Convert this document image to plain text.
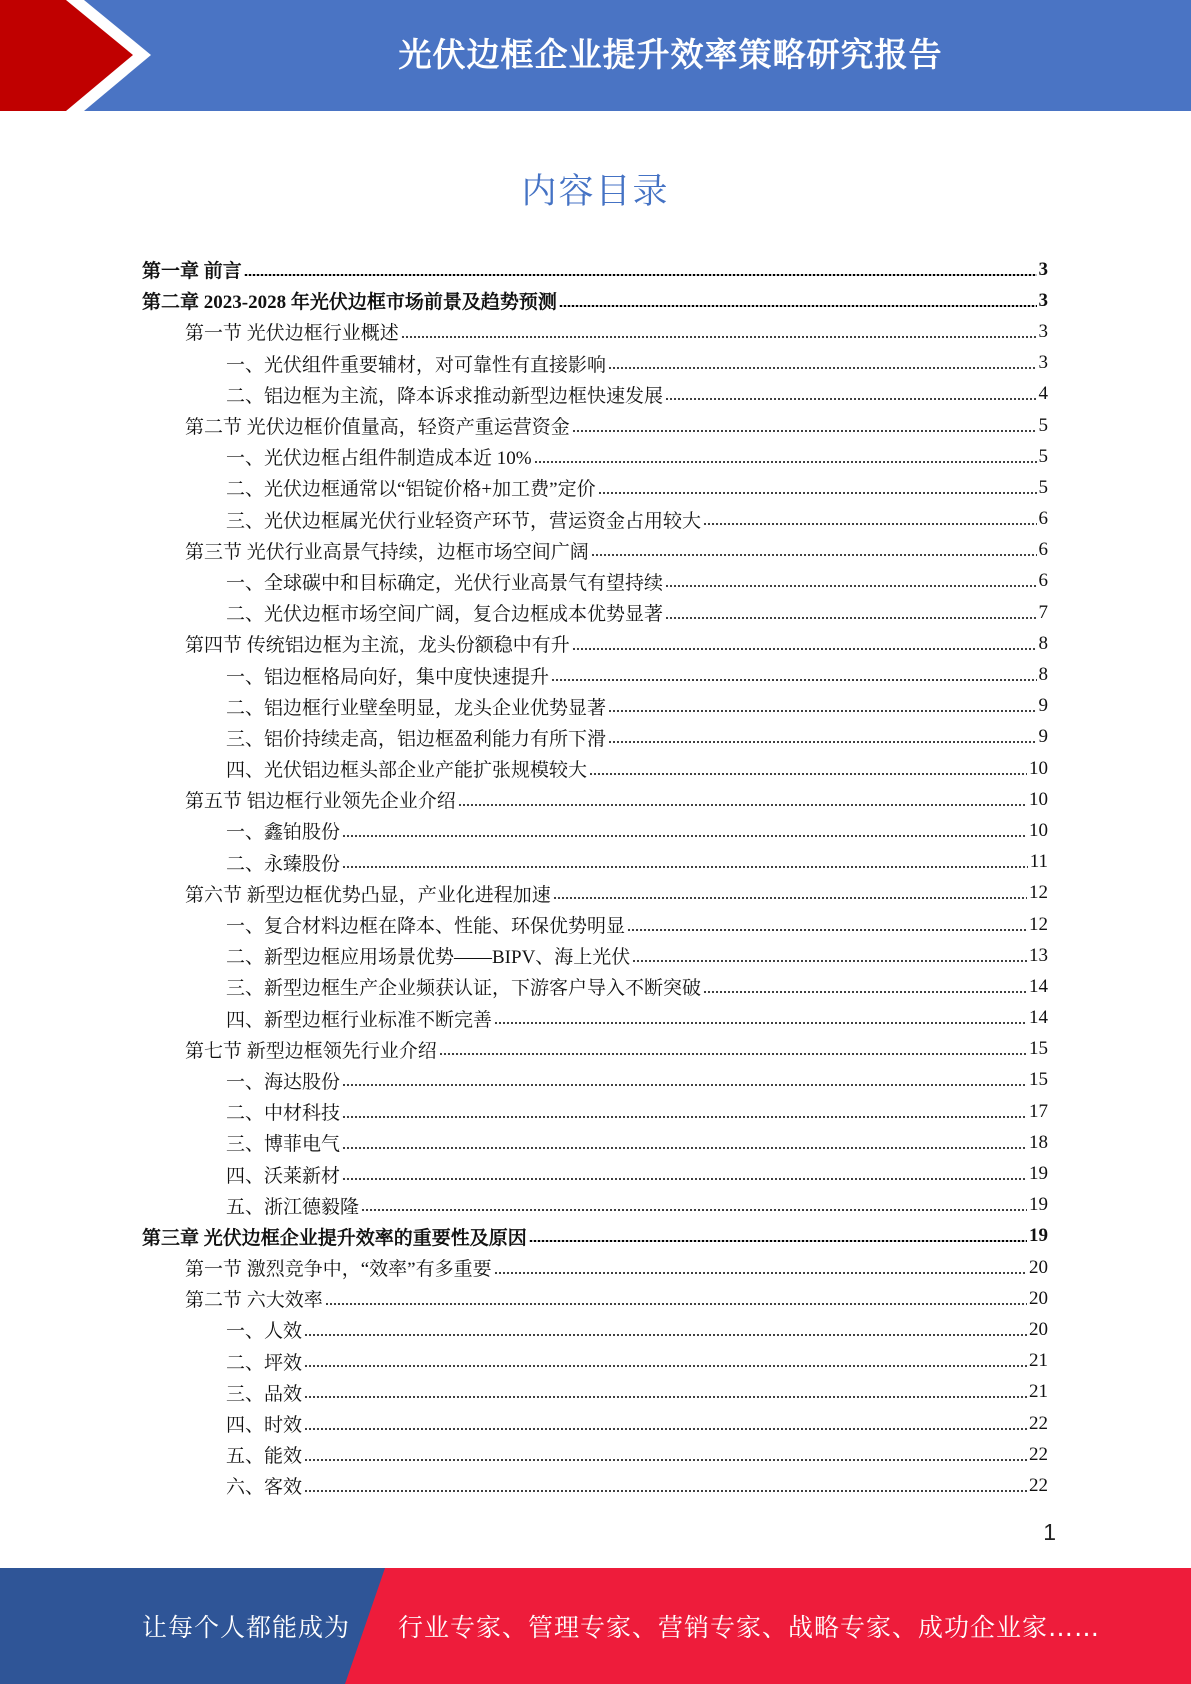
光伏边框企业提升效率策略研究报告
内容目录
第一章 前言	3
第二章 2023-2028 年光伏边框市场前景及趋势预测	3
第一节 光伏边框行业概述	3
一、光伏组件重要辅材，对可靠性有直接影响	3
二、铝边框为主流，降本诉求推动新型边框快速发展	4
第二节 光伏边框价值量高，轻资产重运营资金	5
一、光伏边框占组件制造成本近 10%	5
二、光伏边框通常以“铝锭价格+加工费”定价	5
三、光伏边框属光伏行业轻资产环节，营运资金占用较大	6
第三节 光伏行业高景气持续，边框市场空间广阔	6
一、全球碳中和目标确定，光伏行业高景气有望持续	6
二、光伏边框市场空间广阔，复合边框成本优势显著	7
第四节 传统铝边框为主流，龙头份额稳中有升	8
一、铝边框格局向好，集中度快速提升	8
二、铝边框行业壁垒明显，龙头企业优势显著	9
三、铝价持续走高，铝边框盈利能力有所下滑	9
四、光伏铝边框头部企业产能扩张规模较大	10
第五节 铝边框行业领先企业介绍	10
一、鑫铂股份	10
二、永臻股份	11
第六节 新型边框优势凸显，产业化进程加速	12
一、复合材料边框在降本、性能、环保优势明显	12
二、新型边框应用场景优势——BIPV、海上光伏	13
三、新型边框生产企业频获认证，下游客户导入不断突破	14
四、新型边框行业标准不断完善	14
第七节 新型边框领先行业介绍	15
一、海达股份	15
二、中材科技	17
三、博菲电气	18
四、沃莱新材	19
五、浙江德毅隆	19
第三章 光伏边框企业提升效率的重要性及原因	19
第一节 激烈竞争中，“效率”有多重要	20
第二节 六大效率	20
一、人效	20
二、坪效	21
三、品效	21
四、时效	22
五、能效	22
六、客效	22
1
让每个人都能成为 行业专家、管理专家、营销专家、战略专家、成功企业家……
